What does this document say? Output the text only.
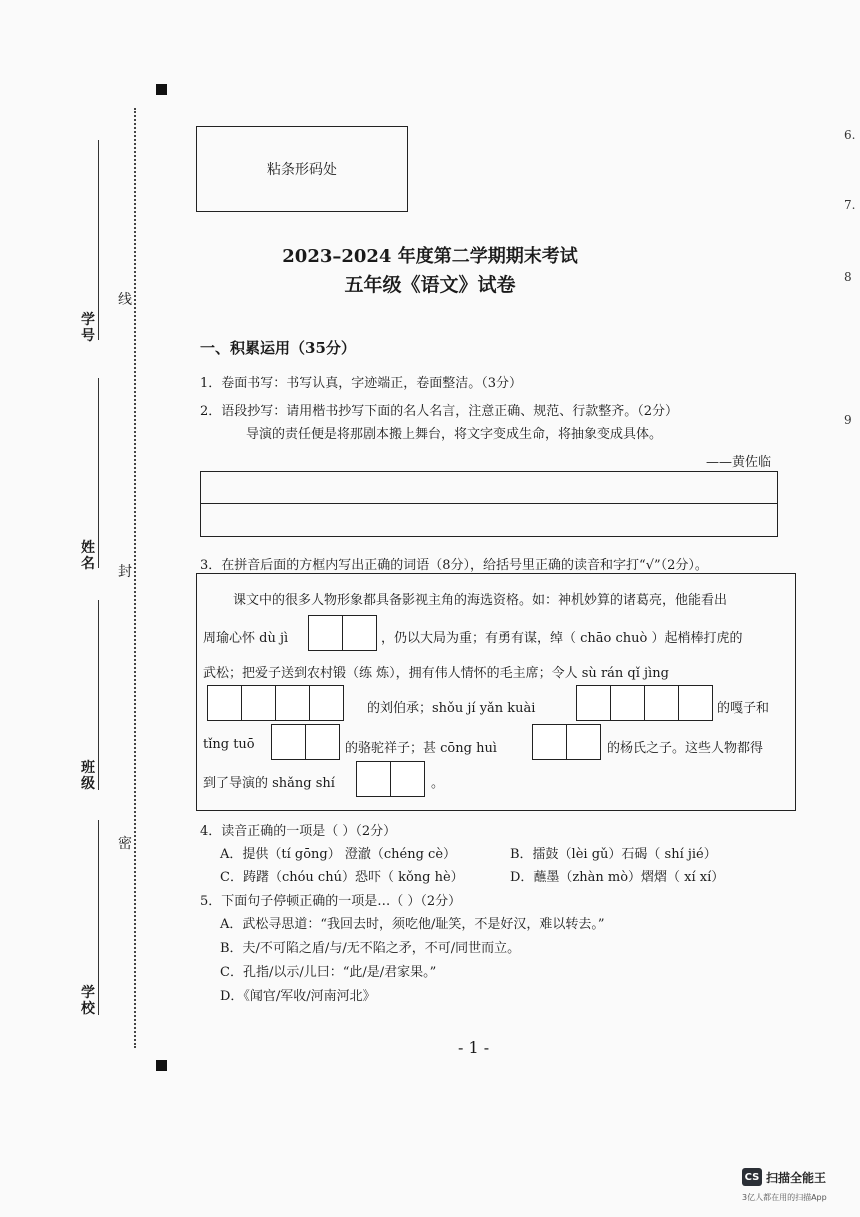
学
号
姓
名
班
级
学
校
线
封
密
粘条形码处
2023–2024 年度第二学期期末考试
五年级《语文》试卷
一、积累运用（35分）
1．卷面书写：书写认真，字迹端正，卷面整洁。（3分）
2．语段抄写：请用楷书抄写下面的名人名言，注意正确、规范、行款整齐。（2分）
导演的责任便是将那剧本搬上舞台，将文字变成生命，将抽象变成具体。
——黄佐临
3．在拼音后面的方框内写出正确的词语（8分），给括号里正确的读音和字打“√”（2分）。
课文中的很多人物形象都具备影视主角的海选资格。如：神机妙算的诸葛亮，他能看出
周瑜心怀 dù jì	，仍以大局为重；有勇有谋，绰（ chāo chuò ）起梢棒打虎的
武松；把爱子送到农村锻（练 炼），拥有伟人情怀的毛主席；令人 sù rán qǐ jìng
的刘伯承；shǒu jí yǎn kuài	的嘎子和
tǐng tuō	的骆驼祥子；甚 cōng huì	的杨氏之子。这些人物都得
到了导演的 shǎng shí	。
4．读音正确的一项是（ ）（2分）
A．提供（tí gōng） 澄澈（chéng cè）	B．擂鼓（lèi gǔ）石碣（ shí jié）
C．踌躇（chóu chú）恐吓（ kǒng hè）	D．蘸墨（zhàn mò）熠熠（ xí xí）
5．下面句子停顿正确的一项是…（ ）（2分）
A．武松寻思道：“我回去时，须吃他/耻笑，不是好汉，难以转去。”
B．夫/不可陷之盾/与/无不陷之矛，不可/同世而立。
C．孔指/以示/儿曰：“此/是/君家果。”
D．《闻官/军收/河南河北》
- 1 -
6.
7.
8
9
CS 扫描全能王
3亿人都在用的扫描App
